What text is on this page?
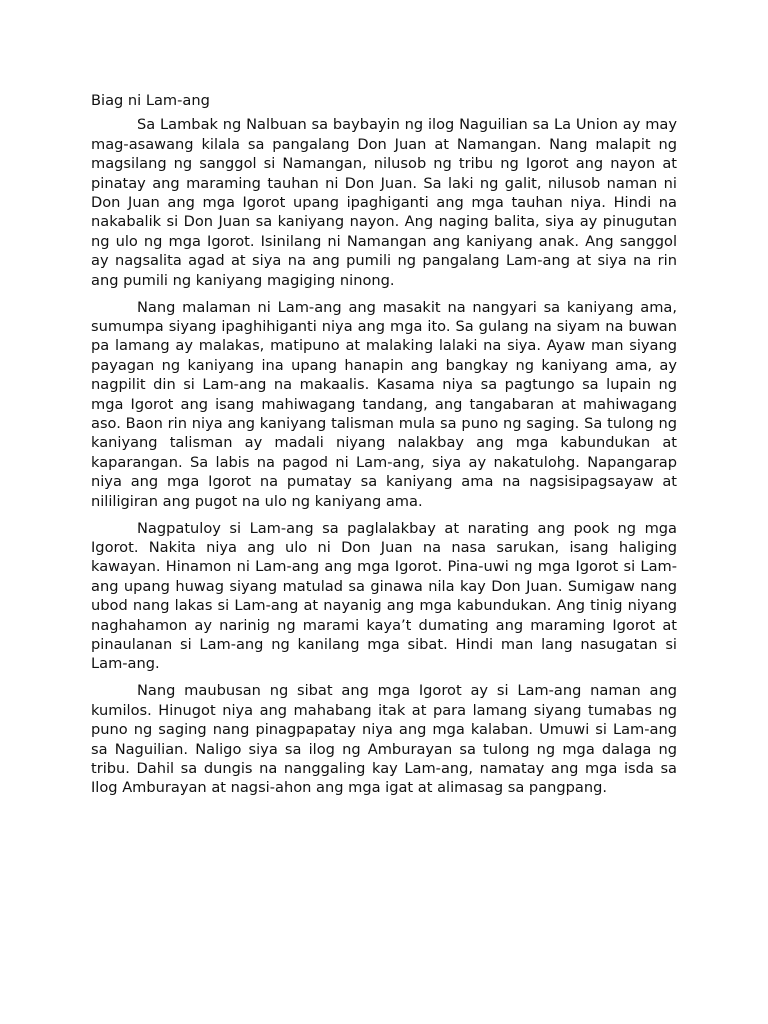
Biag ni Lam-ang

Sa Lambak ng Nalbuan sa baybayin ng ilog Naguilian sa La Union ay may mag-asawang kilala sa pangalang Don Juan at Namangan. Nang malapit ng magsilang ng sanggol si Namangan, nilusob ng tribu ng Igorot ang nayon at pinatay ang maraming tauhan ni Don Juan. Sa laki ng galit, nilusob naman ni Don Juan ang mga Igorot upang ipaghiganti ang mga tauhan niya. Hindi na nakabalik si Don Juan sa kaniyang nayon. Ang naging balita, siya ay pinugutan ng ulo ng mga Igorot. Isinilang ni Namangan ang kaniyang anak. Ang sanggol ay nagsalita agad at siya na ang pumili ng pangalang Lam-ang at siya na rin ang pumili ng kaniyang magiging ninong.

Nang malaman ni Lam-ang ang masakit na nangyari sa kaniyang ama, sumumpa siyang ipaghihiganti niya ang mga ito. Sa gulang na siyam na buwan pa lamang ay malakas, matipuno at malaking lalaki na siya. Ayaw man siyang payagan ng kaniyang ina upang hanapin ang bangkay ng kaniyang ama, ay nagpilit din si Lam-ang na makaalis. Kasama niya sa pagtungo sa lupain ng mga Igorot ang isang mahiwagang tandang, ang tangabaran at mahiwagang aso. Baon rin niya ang kaniyang talisman mula sa puno ng saging. Sa tulong ng kaniyang talisman ay madali niyang nalakbay ang mga kabundukan at kaparangan. Sa labis na pagod ni Lam-ang, siya ay nakatulohg. Napangarap niya ang mga Igorot na pumatay sa kaniyang ama na nagsisipagsayaw at nililigiran ang pugot na ulo ng kaniyang ama.

Nagpatuloy si Lam-ang sa paglalakbay at narating ang pook ng mga Igorot. Nakita niya ang ulo ni Don Juan na nasa sarukan, isang haliging kawayan. Hinamon ni Lam-ang ang mga Igorot. Pina-uwi ng mga Igorot si Lam-ang upang huwag siyang matulad sa ginawa nila kay Don Juan. Sumigaw nang ubod nang lakas si Lam-ang at nayanig ang mga kabundukan. Ang tinig niyang naghahamon ay narinig ng marami kaya’t dumating ang maraming Igorot at pinaulanan si Lam-ang ng kanilang mga sibat. Hindi man lang nasugatan si Lam-ang.

Nang maubusan ng sibat ang mga Igorot ay si Lam-ang naman ang kumilos. Hinugot niya ang mahabang itak at para lamang siyang tumabas ng puno ng saging nang pinagpapatay niya ang mga kalaban. Umuwi si Lam-ang sa Naguilian. Naligo siya sa ilog ng Amburayan sa tulong ng mga dalaga ng tribu. Dahil sa dungis na nanggaling kay Lam-ang, namatay ang mga isda sa Ilog Amburayan at nagsi-ahon ang mga igat at alimasag sa pangpang.
